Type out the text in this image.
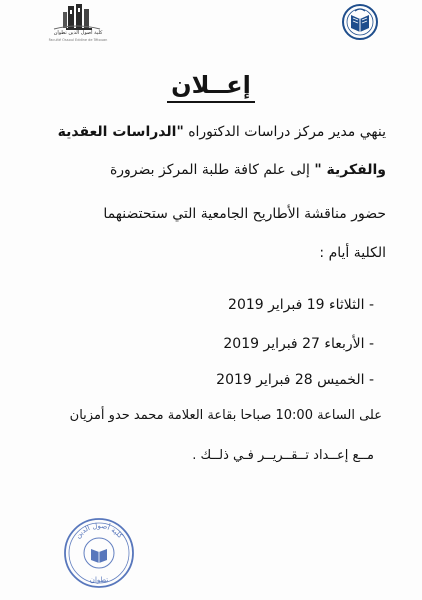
كلية أصول الدين تطوان
Faculté Ossoul Eddine de Tétouan
إعــلان
ينهي مدير مركز دراسات الدكتوراه "الدراسات العقدية
والفكرية " إلى علم كافة طلبة المركز بضرورة
حضور مناقشة الأطاريح الجامعية التي ستحتضنهما
الكلية أيام :
- الثلاثاء 19 فبراير 2019
- الأربعاء 27 فبراير 2019
- الخميس 28 فبراير 2019
على الساعة 10:00 صباحا بقاعة العلامة محمد حدو أمزيان
مــع إعــداد تــقــريــر فـي ذلــك .
كلية أصول الدين
تطوان
